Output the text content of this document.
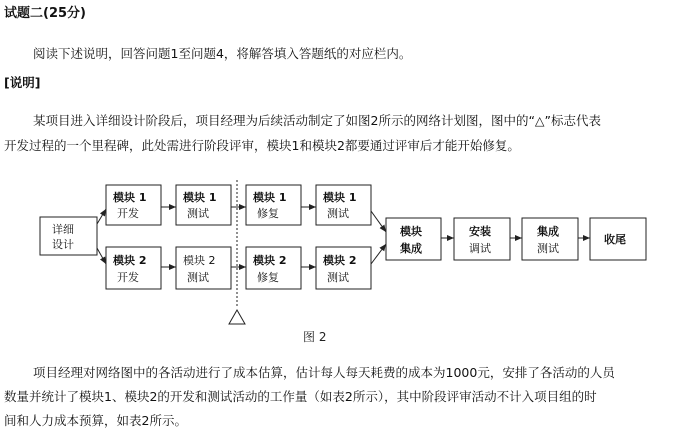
试题二(25分)
阅读下述说明，回答问题1至问题4，将解答填入答题纸的对应栏内。
[说明]
某项目进入详细设计阶段后，项目经理为后续活动制定了如图2所示的网络计划图，图中的“△”标志代表
开发过程的一个里程碑，此处需进行阶段评审，模块1和模块2都要通过评审后才能开始修复。
详细
设计
模块 1
开发
模块 1
测试
模块 1
修复
模块 1
测试
模块 2
开发
模块 2
测试
模块 2
修复
模块 2
测试
模块
集成
安装
调试
集成
测试
收尾
图 2
项目经理对网络图中的各活动进行了成本估算，估计每人每天耗费的成本为1000元，安排了各活动的人员
数量并统计了模块1、模块2的开发和测试活动的工作量（如表2所示），其中阶段评审活动不计入项目组的时
间和人力成本预算，如表2所示。
